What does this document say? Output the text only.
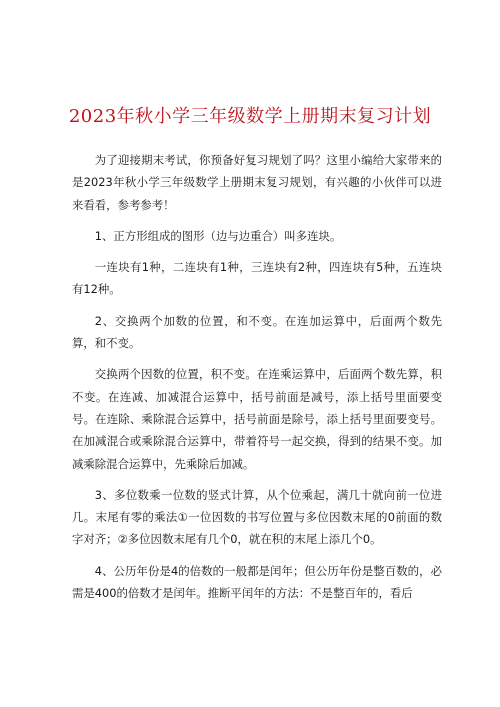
2023年秋小学三年级数学上册期末复习计划

为了迎接期末考试，你预备好复习规划了吗？这里小编给大家带来的是2023年秋小学三年级数学上册期末复习规划，有兴趣的小伙伴可以进来看看，参考参考！

1、正方形组成的图形（边与边重合）叫多连块。

一连块有1种，二连块有1种，三连块有2种，四连块有5种，五连块有12种。

2、交换两个加数的位置，和不变。在连加运算中，后面两个数先算，和不变。

交换两个因数的位置，积不变。在连乘运算中，后面两个数先算，积不变。在连减、加减混合运算中，括号前面是减号，添上括号里面要变号。在连除、乘除混合运算中，括号前面是除号，添上括号里面要变号。在加减混合或乘除混合运算中，带着符号一起交换，得到的结果不变。加减乘除混合运算中，先乘除后加减。

3、多位数乘一位数的竖式计算，从个位乘起，满几十就向前一位进几。末尾有零的乘法①一位因数的书写位置与多位因数末尾的0前面的数字对齐；②多位因数末尾有几个0，就在积的末尾上添几个0。

4、公历年份是4的倍数的一般都是闰年；但公历年份是整百数的，必需是400的倍数才是闰年。推断平闰年的方法：不是整百年的，看后
